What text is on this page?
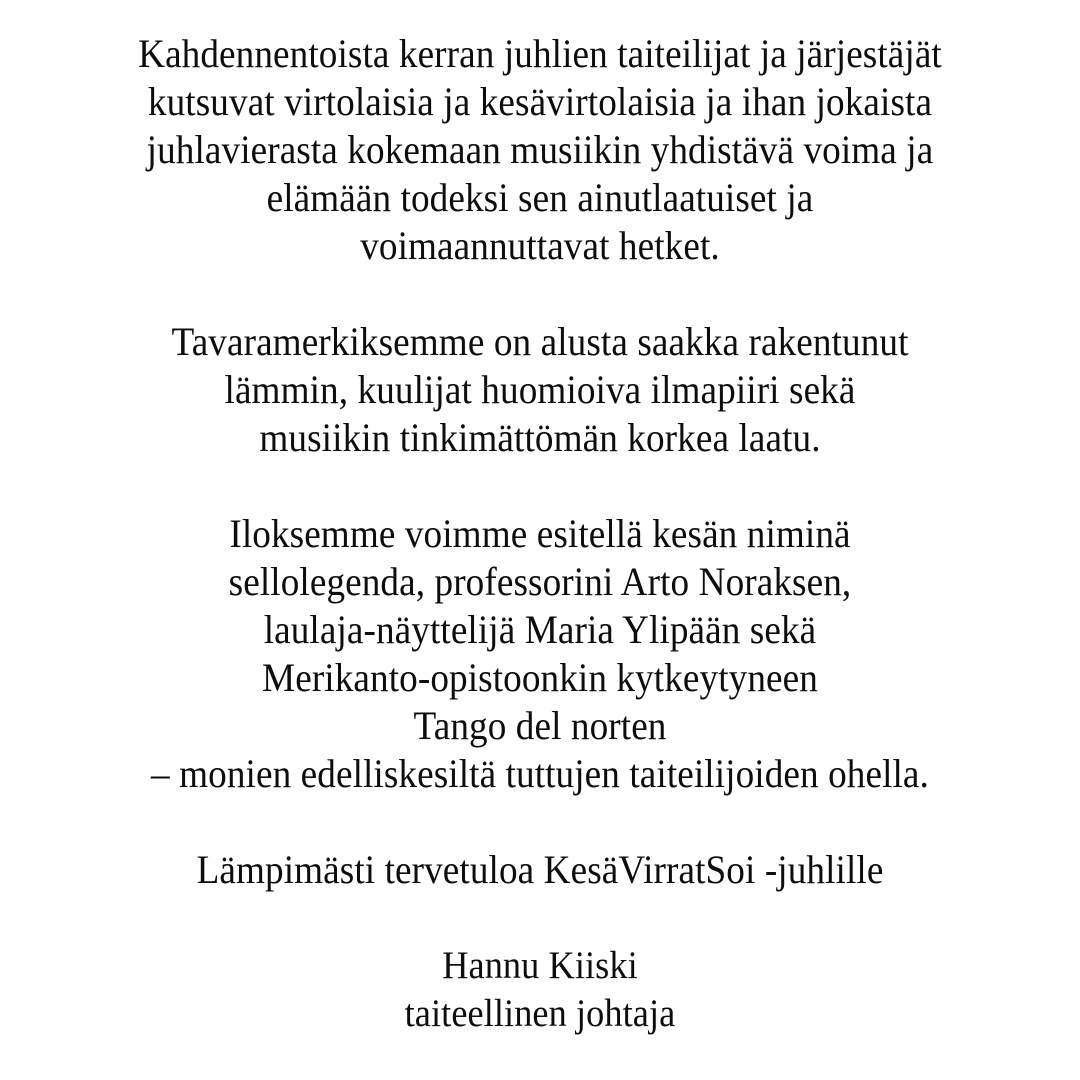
Kahdennentoista kerran juhlien taiteilijat ja järjestäjät
kutsuvat virtolaisia ja kesävirtolaisia ja ihan jokaista
juhlavierasta kokemaan musiikin yhdistävä voima ja
elämään todeksi sen ainutlaatuiset ja
voimaannuttavat hetket.

Tavaramerkiksemme on alusta saakka rakentunut
lämmin, kuulijat huomioiva ilmapiiri sekä
musiikin tinkimättömän korkea laatu.

Iloksemme voimme esitellä kesän niminä
sellolegenda, professorini Arto Noraksen,
laulaja-näyttelijä Maria Ylipään sekä
Merikanto-opistoonkin kytkeytyneen
Tango del norten
– monien edelliskesiltä tuttujen taiteilijoiden ohella.

Lämpimästi tervetuloa KesäVirratSoi -juhlille

Hannu Kiiski
taiteellinen johtaja
